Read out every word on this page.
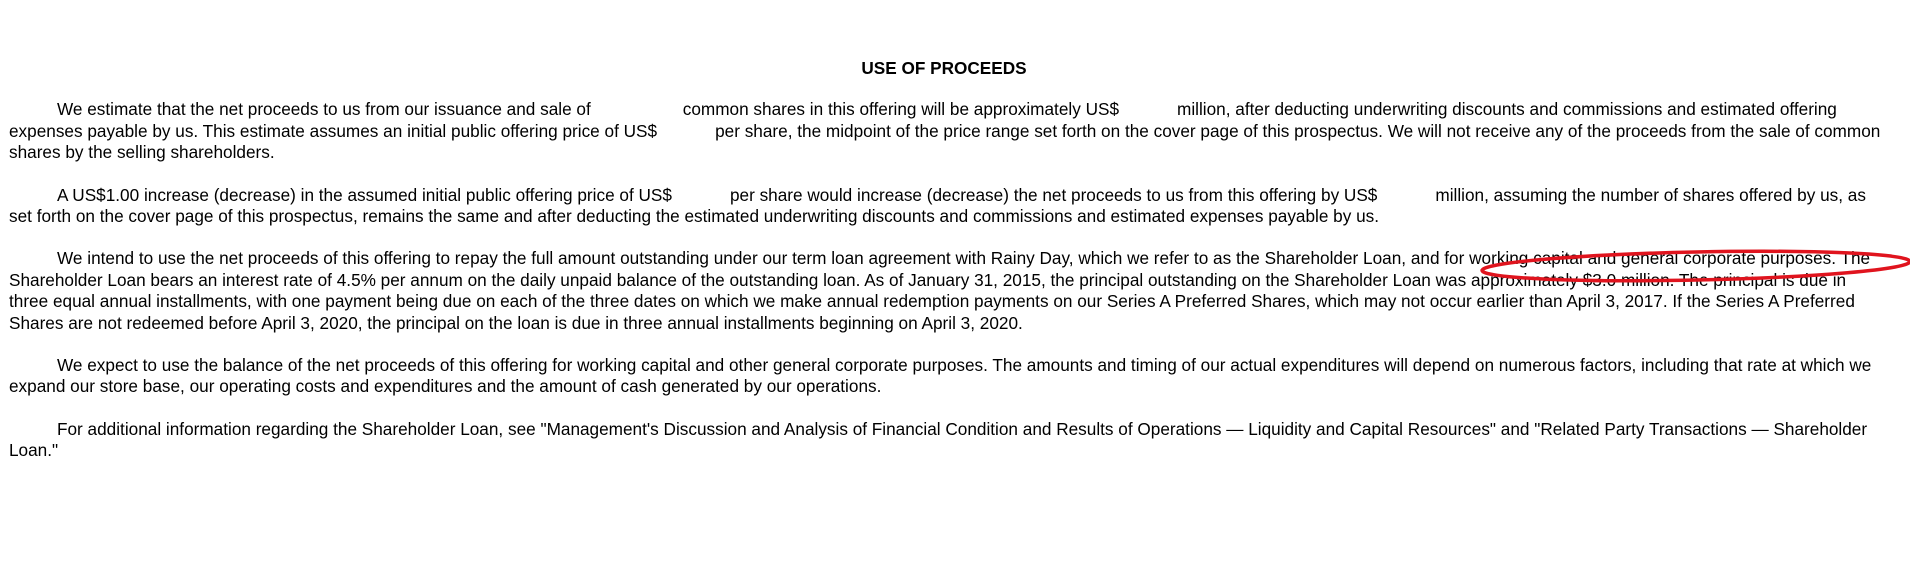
USE OF PROCEEDS

We estimate that the net proceeds to us from our issuance and sale of	common shares in this offering will be approximately US$	million, after deducting underwriting discounts and commissions and estimated offering expenses payable by us. This estimate assumes an initial public offering price of US$	per share, the midpoint of the price range set forth on the cover page of this prospectus. We will not receive any of the proceeds from the sale of common shares by the selling shareholders.

A US$1.00 increase (decrease) in the assumed initial public offering price of US$	per share would increase (decrease) the net proceeds to us from this offering by US$	million, assuming the number of shares offered by us, as set forth on the cover page of this prospectus, remains the same and after deducting the estimated underwriting discounts and commissions and estimated expenses payable by us.

We intend to use the net proceeds of this offering to repay the full amount outstanding under our term loan agreement with Rainy Day, which we refer to as the Shareholder Loan, and for working capital and general corporate purposes. The Shareholder Loan bears an interest rate of 4.5% per annum on the daily unpaid balance of the outstanding loan. As of January 31, 2015, the principal outstanding on the Shareholder Loan was approximately $3.0 million. The principal is due in three equal annual installments, with one payment being due on each of the three dates on which we make annual redemption payments on our Series A Preferred Shares, which may not occur earlier than April 3, 2017. If the Series A Preferred Shares are not redeemed before April 3, 2020, the principal on the loan is due in three annual installments beginning on April 3, 2020.

We expect to use the balance of the net proceeds of this offering for working capital and other general corporate purposes. The amounts and timing of our actual expenditures will depend on numerous factors, including that rate at which we expand our store base, our operating costs and expenditures and the amount of cash generated by our operations.

For additional information regarding the Shareholder Loan, see "Management's Discussion and Analysis of Financial Condition and Results of Operations — Liquidity and Capital Resources" and "Related Party Transactions — Shareholder Loan."
